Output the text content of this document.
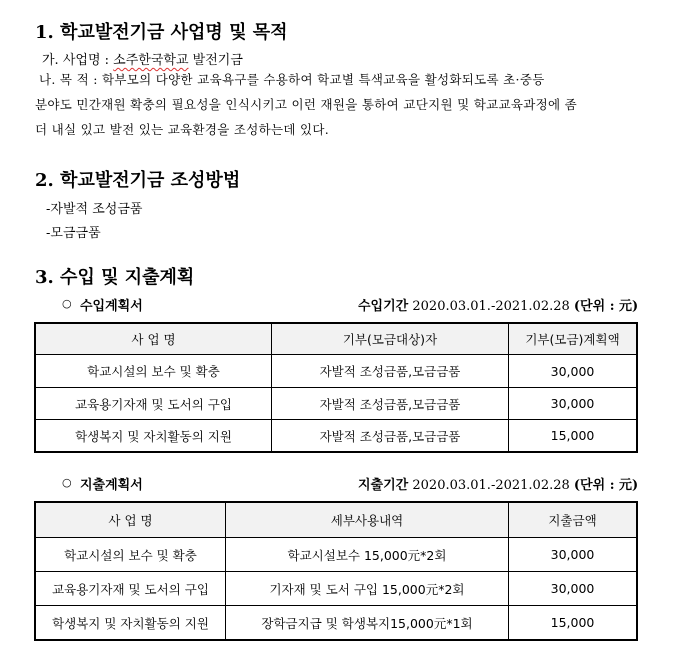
1. 학교발전기금 사업명 및 목적
가. 사업명 : 소주한국학교 발전기금
나. 목 적 : 학부모의 다양한 교육욕구를 수용하여 학교별 특색교육을 활성화되도록 초·중등
분야도 민간재원 확충의 필요성을 인식시키고 이런 재원을 통하여 교단지원 및 학교교육과정에 좀
더 내실 있고 발전 있는 교육환경을 조성하는데 있다.
2. 학교발전기금 조성방법
-자발적 조성금품
-모금금품
3. 수입 및 지출계획
○ 수입계획서	수입기간 2020.03.01.-2021.02.28 (단위 : 元)
사 업 명	기부(모금대상)자	기부(모금)계획액
학교시설의 보수 및 확충	자발적 조성금품,모금금품	30,000
교육용기자재 및 도서의 구입	자발적 조성금품,모금금품	30,000
학생복지 및 자치활동의 지원	자발적 조성금품,모금금품	15,000
○ 지출계획서	지출기간 2020.03.01.-2021.02.28 (단위 : 元)
사 업 명	세부사용내역	지출금액
학교시설의 보수 및 확충	학교시설보수 15,000元*2회	30,000
교육용기자재 및 도서의 구입	기자재 및 도서 구입 15,000元*2회	30,000
학생복지 및 자치활동의 지원	장학금지급 및 학생복지15,000元*1회	15,000
